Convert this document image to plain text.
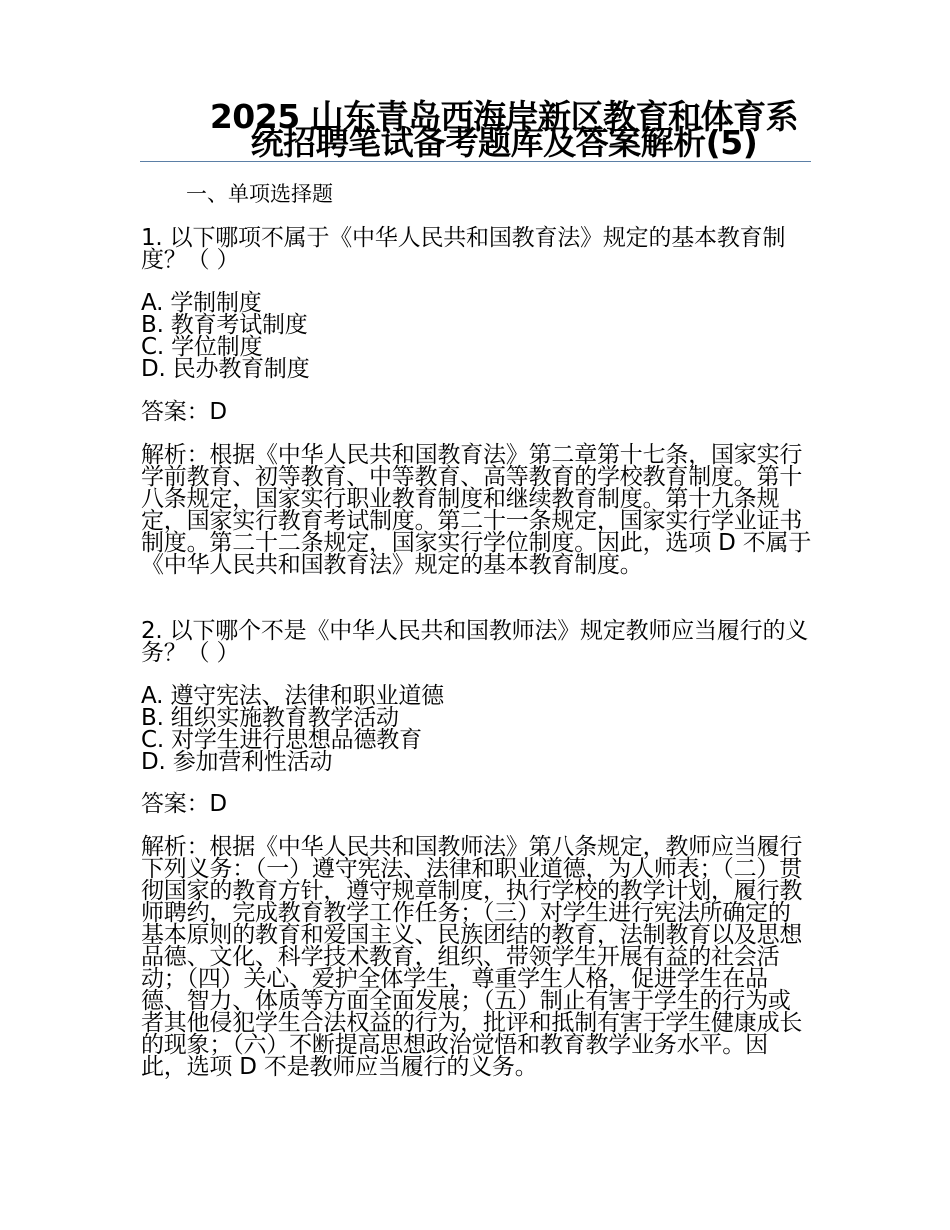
2025 山东青岛西海岸新区教育和体育系统招聘笔试备考题库及答案解析(5)
一、单项选择题
1. 以下哪项不属于《中华人民共和国教育法》规定的基本教育制度？（ ）
A. 学制制度
B. 教育考试制度
C. 学位制度
D. 民办教育制度
答案：D
解析：根据《中华人民共和国教育法》第二章第十七条，国家实行学前教育、初等教育、中等教育、高等教育的学校教育制度。第十八条规定，国家实行职业教育制度和继续教育制度。第十九条规定，国家实行教育考试制度。第二十一条规定，国家实行学业证书制度。第二十二条规定，国家实行学位制度。因此，选项 D 不属于《中华人民共和国教育法》规定的基本教育制度。
2. 以下哪个不是《中华人民共和国教师法》规定教师应当履行的义务？（ ）
A. 遵守宪法、法律和职业道德
B. 组织实施教育教学活动
C. 对学生进行思想品德教育
D. 参加营利性活动
答案：D
解析：根据《中华人民共和国教师法》第八条规定，教师应当履行下列义务：（一）遵守宪法、法律和职业道德，为人师表；（二）贯彻国家的教育方针，遵守规章制度，执行学校的教学计划，履行教师聘约，完成教育教学工作任务；（三）对学生进行宪法所确定的基本原则的教育和爱国主义、民族团结的教育，法制教育以及思想品德、文化、科学技术教育，组织、带领学生开展有益的社会活动；（四）关心、爱护全体学生，尊重学生人格，促进学生在品德、智力、体质等方面全面发展；（五）制止有害于学生的行为或者其他侵犯学生合法权益的行为，批评和抵制有害于学生健康成长的现象；（六）不断提高思想政治觉悟和教育教学业务水平。因此，选项 D 不是教师应当履行的义务。
